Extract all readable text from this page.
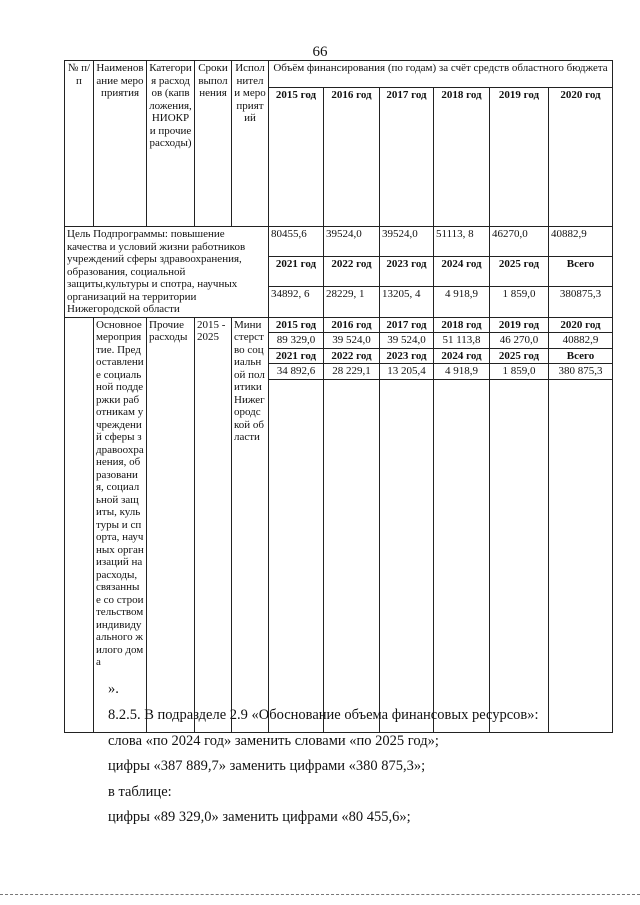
66
№ п/п	Наименование мероприятия	Категория расходов (капвложения,НИОКР и прочие расходы)	Сроки выполнения	Исполнители мероприятий	Объём финансирования (по годам) за счёт средств областного бюджета					
					2015 год	2016 год	2017 год	2018 год	2019 год	2020 год
Цель Подпрограммы: повышение качества и условий жизни работников учреждений сферы здравоохранения, образования, социальной защиты,культуры и спотра, научных организаций на территории Нижегородской области					80455,6	39524,0	39524,0	51113, 8	46270,0	40882,9
					2021 год	2022 год	2023 год	2024 год	2025 год	Всего
					34892, 6	28229, 1	13205, 4	4 918,9	1 859,0	380875,3
	Основное мероприятие. Предоставление социальной поддержки работникам учреждений сферы здравоохранения, образования, социальной защиты, культуры и спорта, научных организаций на расходы, связанные со строительством индивидуального жилого дома	Прочие расходы	2015 - 2025	Министерство социальной политики Нижегородской области	2015 год	2016 год	2017 год	2018 год	2019 год	2020 год
					89 329,0	39 524,0	39 524,0	51 113,8	46 270,0	40882,9
					2021 год	2022 год	2023 год	2024 год	2025 год	Всего
					34 892,6	28 229,1	13 205,4	4 918,9	1 859,0	380 875,3

».
8.2.5. В подразделе 2.9 «Обоснование объема финансовых ресурсов»:
слова «по 2024 год» заменить словами «по 2025 год»;
цифры «387 889,7» заменить цифрами «380 875,3»;
в таблице:
цифры «89 329,0» заменить цифрами «80 455,6»;
